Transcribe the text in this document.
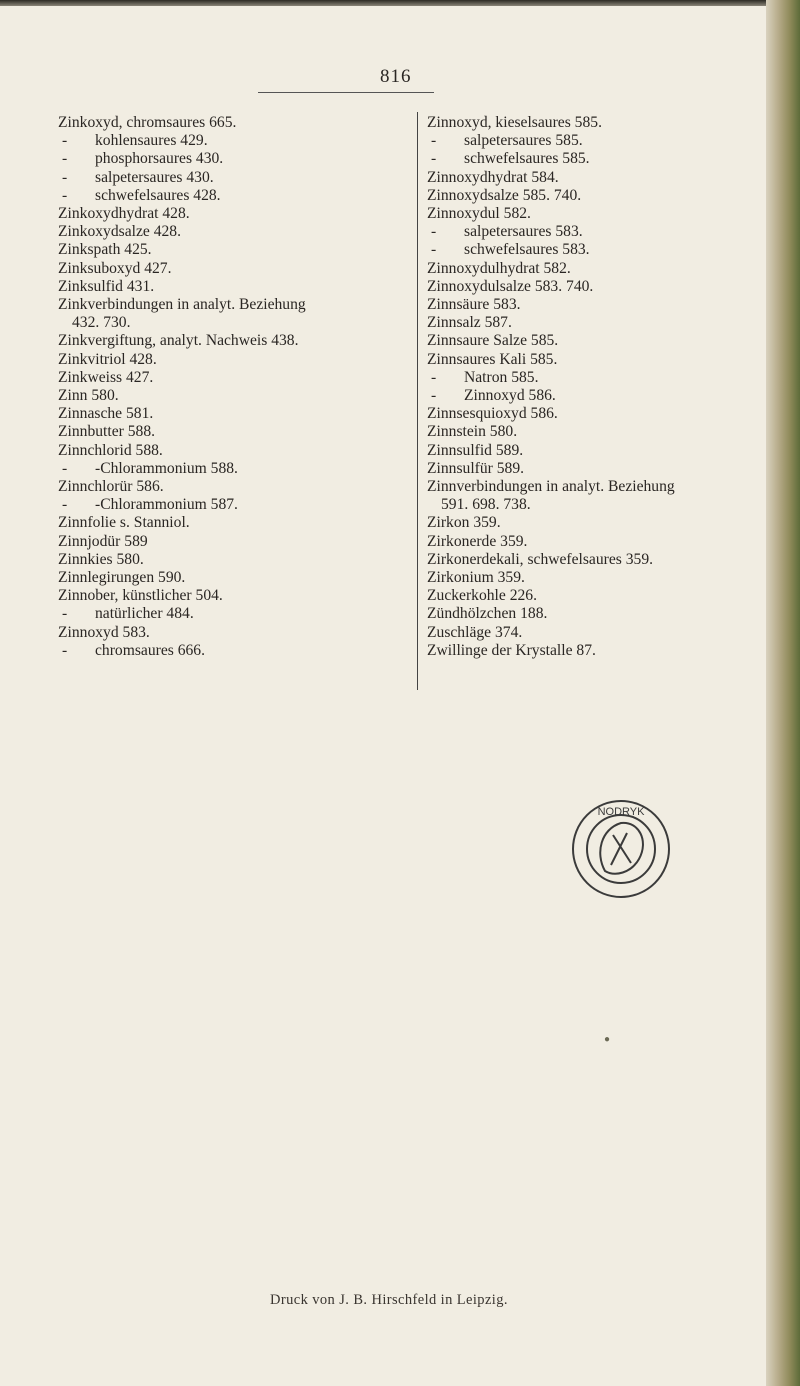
816
Zinkoxyd, chromsaures 665.
- kohlensaures 429.
- phosphorsaures 430.
- salpetersaures 430.
- schwefelsaures 428.
Zinkoxydhydrat 428.
Zinkoxydsalze 428.
Zinkspath 425.
Zinksuboxyd 427.
Zinksulfid 431.
Zinkverbindungen in analyt. Beziehung
432. 730.
Zinkvergiftung, analyt. Nachweis 438.
Zinkvitriol 428.
Zinkweiss 427.
Zinn 580.
Zinnasche 581.
Zinnbutter 588.
Zinnchlorid 588.
- -Chlorammonium 588.
Zinnchlorür 586.
- -Chlorammonium 587.
Zinnfolie s. Stanniol.
Zinnjodür 589
Zinnkies 580.
Zinnlegirungen 590.
Zinnober, künstlicher 504.
- natürlicher 484.
Zinnoxyd 583.
- chromsaures 666.
Zinnoxyd, kieselsaures 585.
- salpetersaures 585.
- schwefelsaures 585.
Zinnoxydhydrat 584.
Zinnoxydsalze 585. 740.
Zinnoxydul 582.
- salpetersaures 583.
- schwefelsaures 583.
Zinnoxydulhydrat 582.
Zinnoxydulsalze 583. 740.
Zinnsäure 583.
Zinnsalz 587.
Zinnsaure Salze 585.
Zinnsaures Kali 585.
- Natron 585.
- Zinnoxyd 586.
Zinnsesquioxyd 586.
Zinnstein 580.
Zinnsulfid 589.
Zinnsulfür 589.
Zinnverbindungen in analyt. Beziehung
591. 698. 738.
Zirkon 359.
Zirkonerde 359.
Zirkonerdekali, schwefelsaures 359.
Zirkonium 359.
Zuckerkohle 226.
Zündhölzchen 188.
Zuschläge 374.
Zwillinge der Krystalle 87.
NODRYK
●
Druck von J. B. Hirschfeld in Leipzig.
